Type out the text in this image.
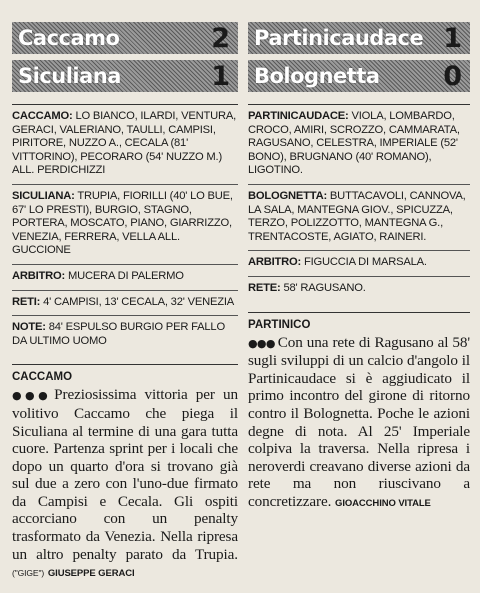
Caccamo	2
Siculiana	1
CACCAMO: LO BIANCO, ILARDI, VENTURA, GERACI, VALERIANO, TAULLI, CAMPISI, PIRITORE, NUZZO A., CECALA (81' VITTORINO), PECORARO (54' NUZZO M.) ALL. PERDICHIZZI
SICULIANA: TRUPIA, FIORILLI (40' LO BUE, 67' LO PRESTI), BURGIO, STAGNO, PORTERA, MOSCATO, PIANO, GIARRIZZO, VENEZIA, FERRERA, VELLA ALL. GUCCIONE
ARBITRO: MUCERA DI PALERMO
RETI: 4' CAMPISI, 13' CECALA, 32' VENEZIA
NOTE: 84' ESPULSO BURGIO PER FALLO DA ULTIMO UOMO
CACCAMO
●●● Preziosissima vittoria per un volitivo Caccamo che piega il Siculiana al termine di una gara tutta cuore. Partenza sprint per i locali che dopo un quarto d'ora si trovano già sul due a zero con l'uno-due firmato da Campisi e Cecala. Gli ospiti accorciano con un penalty trasformato da Venezia. Nella ripresa un altro penalty parato da Trupia. ("GIGE") GIUSEPPE GERACI
Partinicaudace 1
Bolognetta 0
PARTINICAUDACE: VIOLA, LOMBARDO, CROCO, AMIRI, SCROZZO, CAMMARATA, RAGUSANO, CELESTRA, IMPERIALE (52' BONO), BRUGNANO (40' ROMANO), LIGOTINO.
BOLOGNETTA: BUTTACAVOLI, CANNOVA, LA SALA, MANTEGNA GIOV., SPICUZZA, TERZO, POLIZZOTTO, MANTEGNA G., TRENTACOSTE, AGIATO, RAINERI.
ARBITRO: FIGUCCIA DI MARSALA.
RETE: 58' RAGUSANO.
PARTINICO
●●● Con una rete di Ragusano al 58' sugli sviluppi di un calcio d'angolo il Partinicaudace si è aggiudicato il primo incontro del girone di ritorno contro il Bolognetta. Poche le azioni degne di nota. Al 25' Imperiale colpiva la traversa. Nella ripresa i neroverdi creavano diverse azioni da rete ma non riuscivano a concretizzare. GIOACCHINO VITALE
